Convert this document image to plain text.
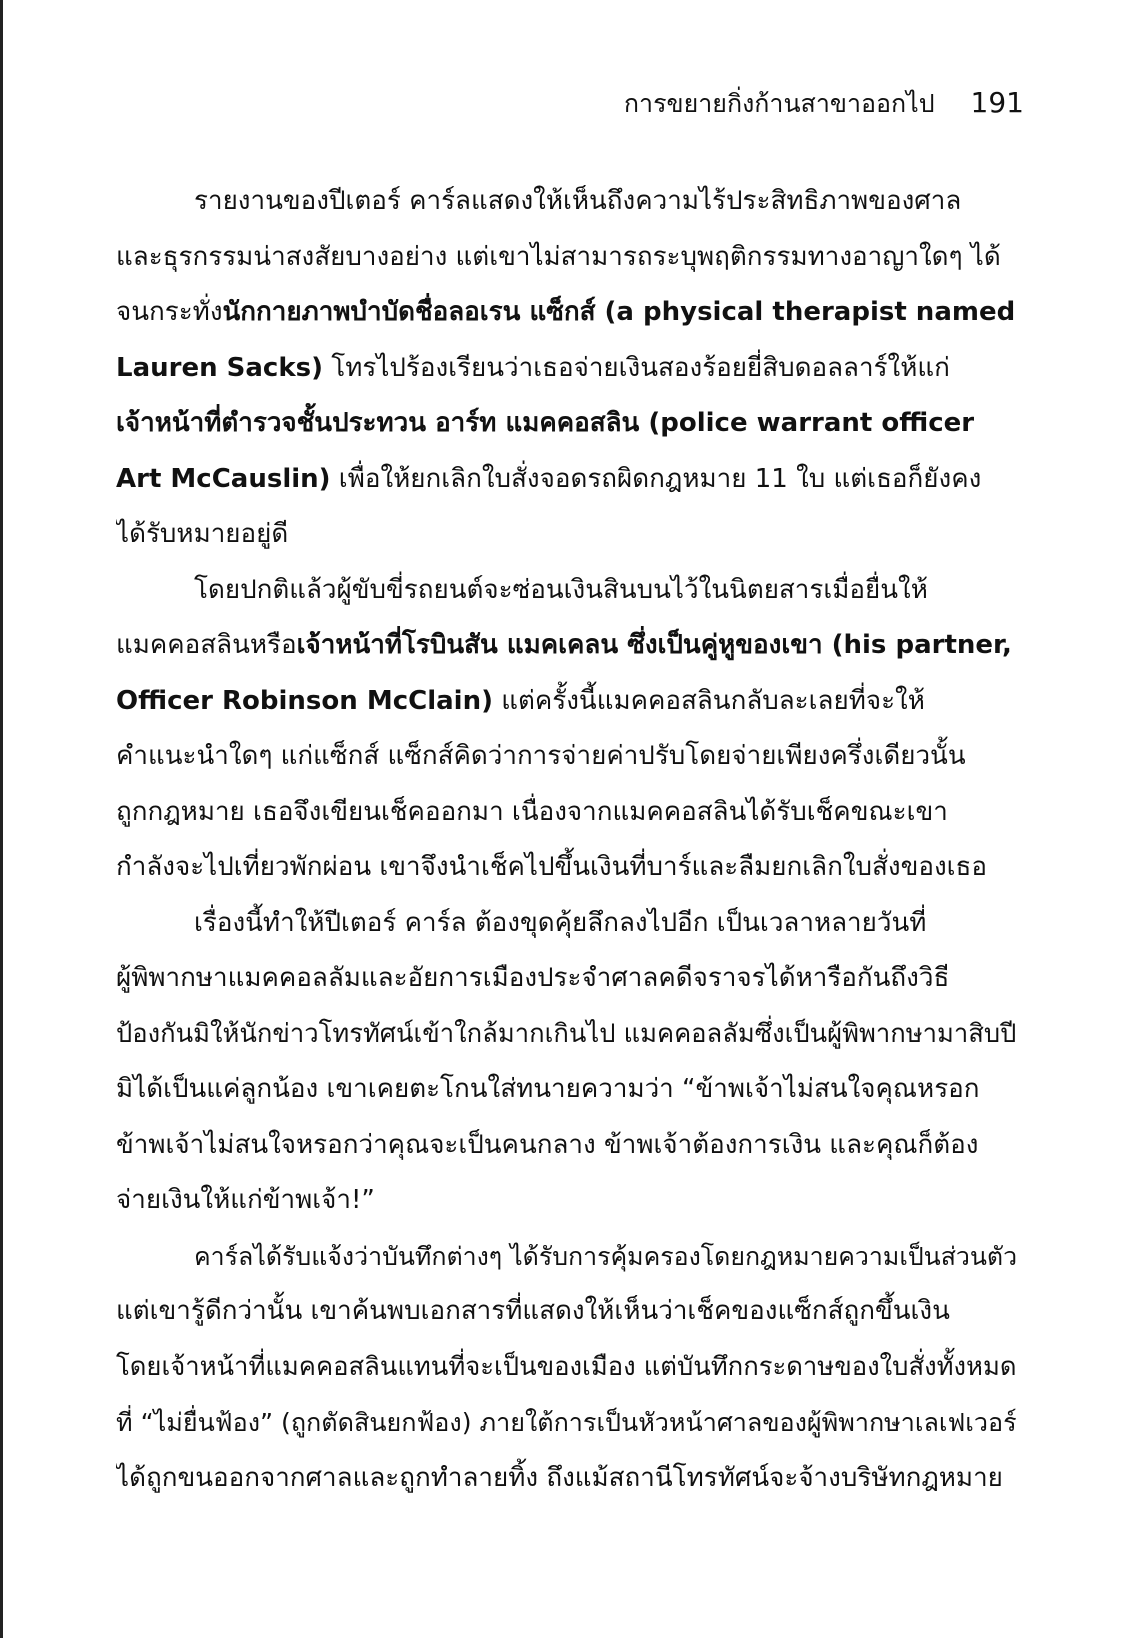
การขยายกิ่งก้านสาขาออกไป 191
รายงานของปีเตอร์ คาร์ลแสดงให้เห็นถึงความไร้ประสิทธิภาพของศาล
และธุรกรรมน่าสงสัยบางอย่าง แต่เขาไม่สามารถระบุพฤติกรรมทางอาญาใดๆ ได้
จนกระทั่งนักกายภาพบำบัดชื่อลอเรน แซ็กส์ (a physical therapist named
Lauren Sacks) โทรไปร้องเรียนว่าเธอจ่ายเงินสองร้อยยี่สิบดอลลาร์ให้แก่
เจ้าหน้าที่ตำรวจชั้นประทวน อาร์ท แมคคอสลิน (police warrant officer
Art McCauslin) เพื่อให้ยกเลิกใบสั่งจอดรถผิดกฎหมาย 11 ใบ แต่เธอก็ยังคง
ได้รับหมายอยู่ดี
โดยปกติแล้วผู้ขับขี่รถยนต์จะซ่อนเงินสินบนไว้ในนิตยสารเมื่อยื่นให้
แมคคอสลินหรือเจ้าหน้าที่โรบินสัน แมคเคลน ซึ่งเป็นคู่หูของเขา (his partner,
Officer Robinson McClain) แต่ครั้งนี้แมคคอสลินกลับละเลยที่จะให้
คำแนะนำใดๆ แก่แซ็กส์ แซ็กส์คิดว่าการจ่ายค่าปรับโดยจ่ายเพียงครึ่งเดียวนั้น
ถูกกฎหมาย เธอจึงเขียนเช็คออกมา เนื่องจากแมคคอสลินได้รับเช็คขณะเขา
กำลังจะไปเที่ยวพักผ่อน เขาจึงนำเช็คไปขึ้นเงินที่บาร์และลืมยกเลิกใบสั่งของเธอ
เรื่องนี้ทำให้ปีเตอร์ คาร์ล ต้องขุดคุ้ยลึกลงไปอีก เป็นเวลาหลายวันที่
ผู้พิพากษาแมคคอลลัมและอัยการเมืองประจำศาลคดีจราจรได้หารือกันถึงวิธี
ป้องกันมิให้นักข่าวโทรทัศน์เข้าใกล้มากเกินไป แมคคอลลัมซึ่งเป็นผู้พิพากษามาสิบปี
มิได้เป็นแค่ลูกน้อง เขาเคยตะโกนใส่ทนายความว่า “ข้าพเจ้าไม่สนใจคุณหรอก
ข้าพเจ้าไม่สนใจหรอกว่าคุณจะเป็นคนกลาง ข้าพเจ้าต้องการเงิน และคุณก็ต้อง
จ่ายเงินให้แก่ข้าพเจ้า!”
คาร์ลได้รับแจ้งว่าบันทึกต่างๆ ได้รับการคุ้มครองโดยกฎหมายความเป็นส่วนตัว
แต่เขารู้ดีกว่านั้น เขาค้นพบเอกสารที่แสดงให้เห็นว่าเช็คของแซ็กส์ถูกขึ้นเงิน
โดยเจ้าหน้าที่แมคคอสลินแทนที่จะเป็นของเมือง แต่บันทึกกระดาษของใบสั่งทั้งหมด
ที่ “ไม่ยื่นฟ้อง” (ถูกตัดสินยกฟ้อง) ภายใต้การเป็นหัวหน้าศาลของผู้พิพากษาเลเฟเวอร์
ได้ถูกขนออกจากศาลและถูกทำลายทิ้ง ถึงแม้สถานีโทรทัศน์จะจ้างบริษัทกฎหมาย
